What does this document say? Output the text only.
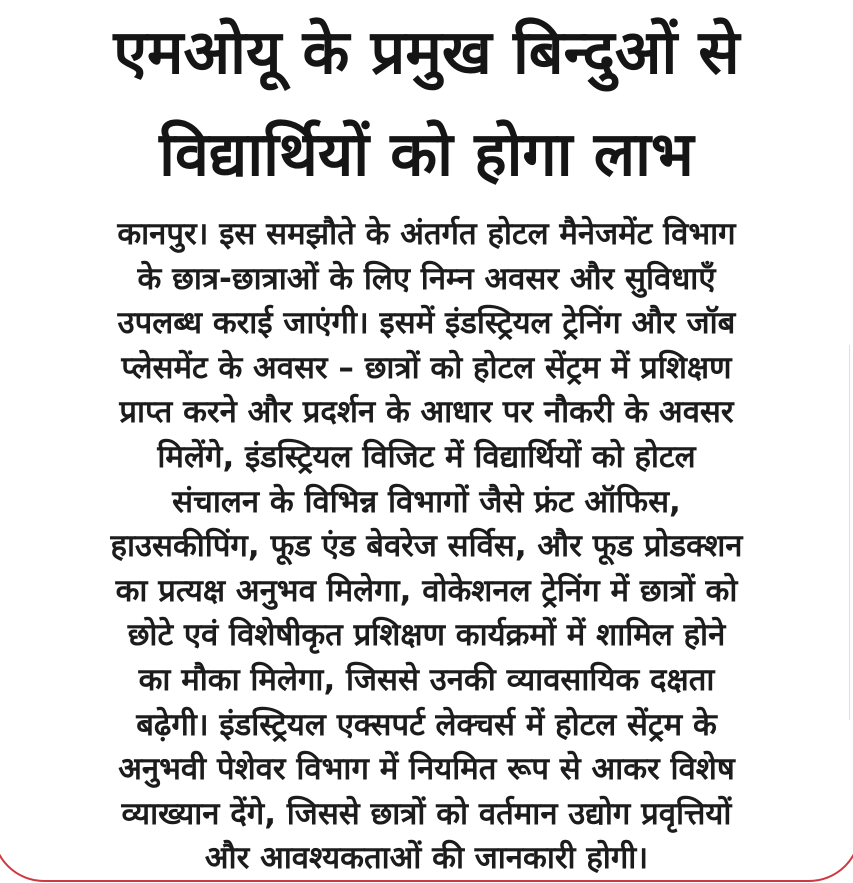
एमओयू के प्रमुख बिन्दुओं से
विद्यार्थियों को होगा लाभ
कानपुर। इस समझौते के अंतर्गत होटल मैनेजमेंट विभाग
के छात्र-छात्राओं के लिए निम्न अवसर और सुविधाएँ
उपलब्ध कराई जाएंगी। इसमें इंडस्ट्रियल ट्रेनिंग और जॉब
प्लेसमेंट के अवसर – छात्रों को होटल सेंट्रम में प्रशिक्षण
प्राप्त करने और प्रदर्शन के आधार पर नौकरी के अवसर
मिलेंगे, इंडस्ट्रियल विजिट में विद्यार्थियों को होटल
संचालन के विभिन्न विभागों जैसे फ्रंट ऑफिस,
हाउसकीपिंग, फूड एंड बेवरेज सर्विस, और फूड प्रोडक्शन
का प्रत्यक्ष अनुभव मिलेगा, वोकेशनल ट्रेनिंग में छात्रों को
छोटे एवं विशेषीकृत प्रशिक्षण कार्यक्रमों में शामिल होने
का मौका मिलेगा, जिससे उनकी व्यावसायिक दक्षता
बढ़ेगी। इंडस्ट्रियल एक्सपर्ट लेक्चर्स में होटल सेंट्रम के
अनुभवी पेशेवर विभाग में नियमित रूप से आकर विशेष
व्याख्यान देंगे, जिससे छात्रों को वर्तमान उद्योग प्रवृत्तियों
और आवश्यकताओं की जानकारी होगी।
